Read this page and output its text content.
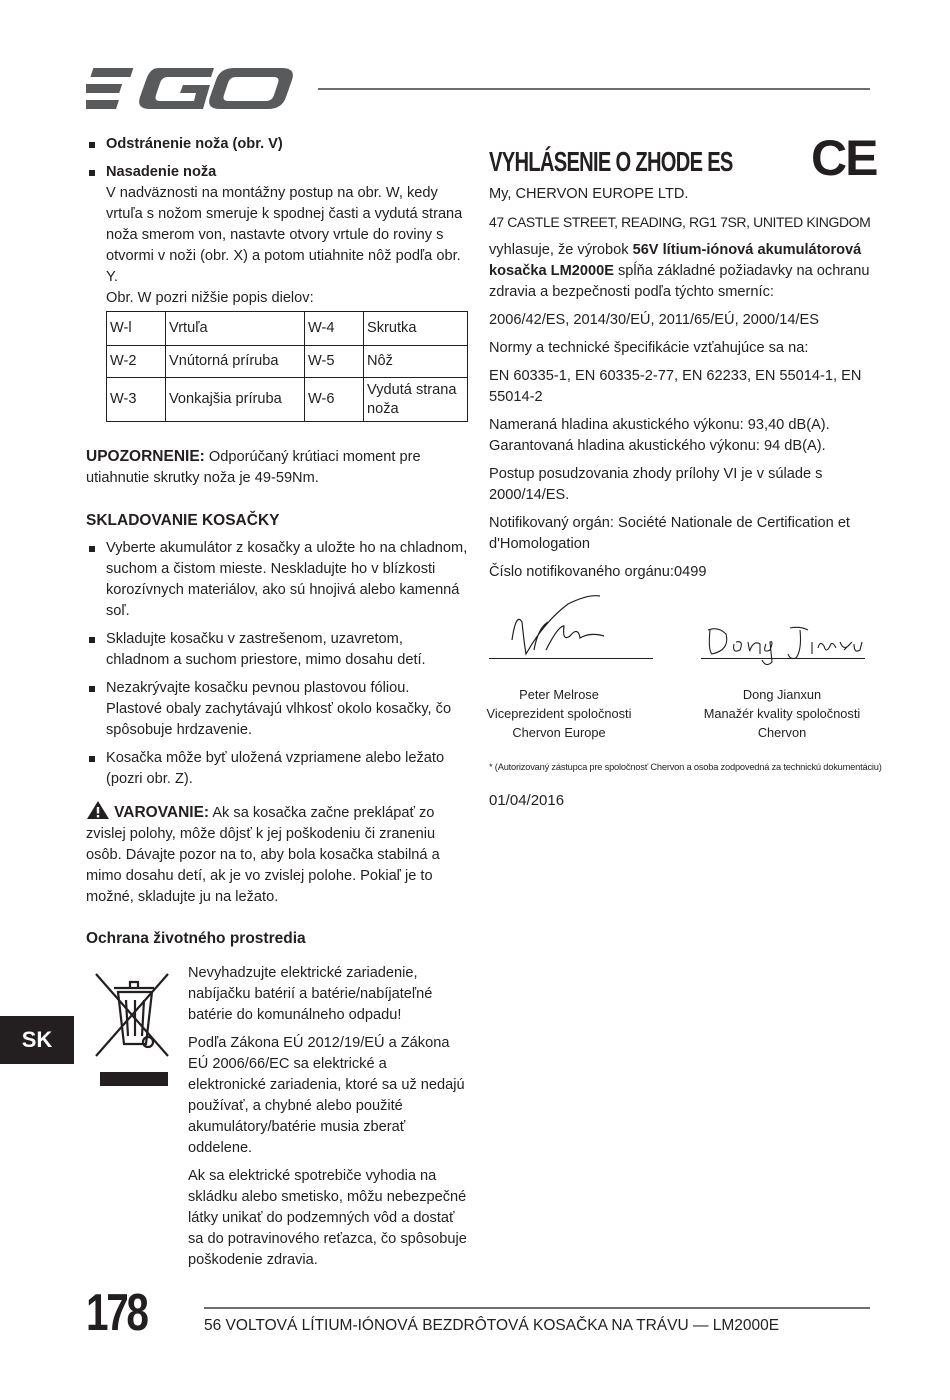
Odstránenie noža (obr. V)
Nasadenie noža
V nadväznosti na montážny postup na obr. W, kedy vrtuľa s nožom smeruje k spodnej časti a vydutá strana noža smerom von, nastavte otvory vrtule do roviny s otvormi v noži (obr. X) a potom utiahnite nôž podľa obr. Y.
Obr. W pozri nižšie popis dielov:
W-l	Vrtuľa	W-4	Skrutka
W-2	Vnútorná príruba	W-5	Nôž
W-3	Vonkajšia príruba	W-6	Vydutá strana noža
UPOZORNENIE: Odporúčaný krútiaci moment pre utiahnutie skrutky noža je 49-59Nm.
SKLADOVANIE KOSAČKY
Vyberte akumulátor z kosačky a uložte ho na chladnom, suchom a čistom mieste. Neskladujte ho v blízkosti korozívnych materiálov, ako sú hnojivá alebo kamenná soľ.
Skladujte kosačku v zastrešenom, uzavretom, chladnom a suchom priestore, mimo dosahu detí.
Nezakrývajte kosačku pevnou plastovou fóliou. Plastové obaly zachytávajú vlhkosť okolo kosačky, čo spôsobuje hrdzavenie.
Kosačka môže byť uložená vzpriamene alebo ležato (pozri obr. Z).
VAROVANIE: Ak sa kosačka začne preklápať zo zvislej polohy, môže dôjsť k jej poškodeniu či zraneniu osôb. Dávajte pozor na to, aby bola kosačka stabilná a mimo dosahu detí, ak je vo zvislej polohe. Pokiaľ je to možné, skladujte ju na ležato.
Ochrana životného prostredia
Nevyhadzujte elektrické zariadenie, nabíjačku batérií a batérie/nabíjateľné batérie do komunálneho odpadu!
Podľa Zákona EÚ 2012/19/EÚ a Zákona EÚ 2006/66/EC sa elektrické a elektronické zariadenia, ktoré sa už nedajú používať, a chybné alebo použité akumulátory/batérie musia zberať oddelene.
Ak sa elektrické spotrebiče vyhodia na skládku alebo smetisko, môžu nebezpečné látky unikať do podzemných vôd a dostať sa do potravinového reťazca, čo spôsobuje poškodenie zdravia.
VYHLÁSENIE O ZHODE ES CE

My, CHERVON EUROPE LTD.

47 CASTLE STREET, READING, RG1 7SR, UNITED KINGDOM

vyhlasuje, že výrobok 56V lítium-iónová akumulátorová kosačka LM2000E spĺňa základné požiadavky na ochranu zdravia a bezpečnosti podľa týchto smerníc:

2006/42/ES, 2014/30/EÚ, 2011/65/EÚ, 2000/14/ES

Normy a technické špecifikácie vzťahujúce sa na:

EN 60335-1, EN 60335-2-77, EN 62233, EN 55014-1, EN 55014-2

Nameraná hladina akustického výkonu: 93,40 dB(A).

Garantovaná hladina akustického výkonu: 94 dB(A).

Postup posudzovania zhody prílohy VI je v súlade s 2000/14/ES.

Notifikovaný orgán: Société Nationale de Certification et d'Homologation

Číslo notifikovaného orgánu:0499

Peter Melrose
Viceprezident spoločnosti
Chervon Europe
Dong Jianxun
Manažér kvality spoločnosti
Chervon
* (Autorizovaný zástupca pre spoločnosť Chervon a osoba zodpovedná za technickú dokumentáciu)
01/04/2016
SK
178	56 VOLTOVÁ LÍTIUM-IÓNOVÁ BEZDRÔTOVÁ KOSAČKA NA TRÁVU — LM2000E
